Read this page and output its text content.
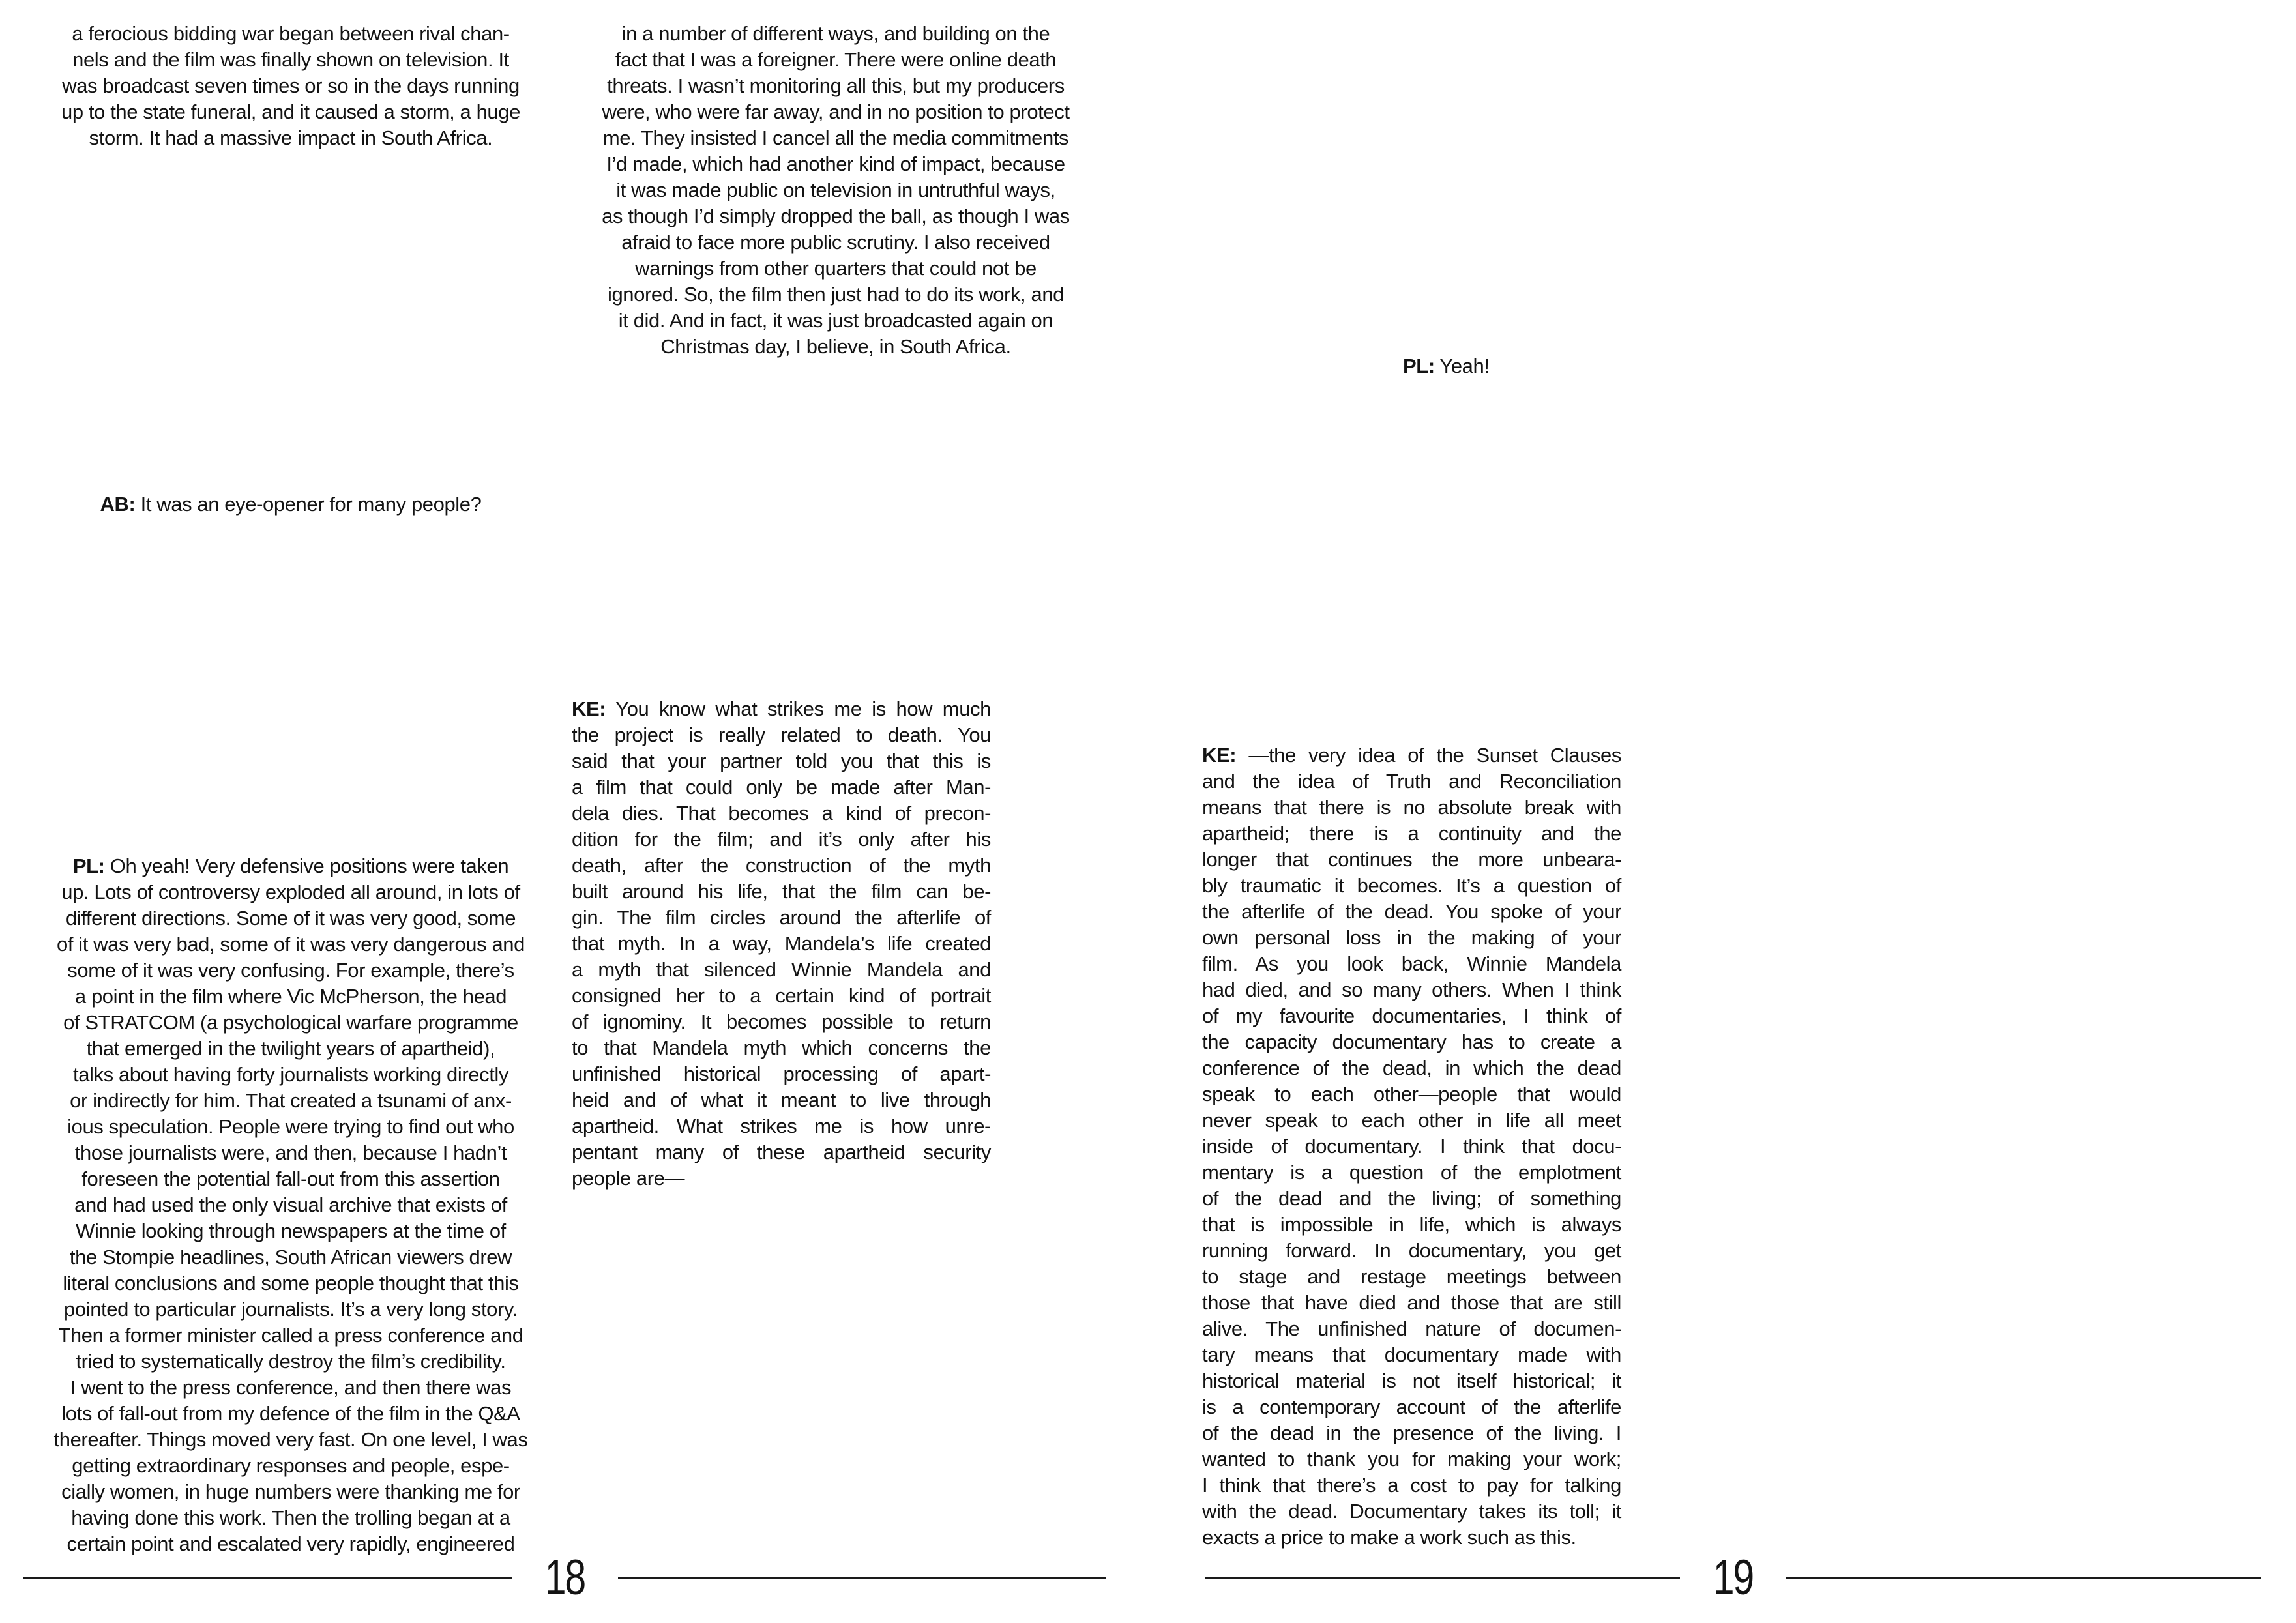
a ferocious bidding war began between rival chan-
nels and the film was finally shown on television. It
was broadcast seven times or so in the days running
up to the state funeral, and it caused a storm, a huge
storm. It had a massive impact in South Africa.
AB: It was an eye-opener for many people?
PL: Oh yeah! Very defensive positions were taken
up. Lots of controversy exploded all around, in lots of
different directions. Some of it was very good, some
of it was very bad, some of it was very dangerous and
some of it was very confusing. For example, there’s
a point in the film where Vic McPherson, the head
of STRATCOM (a psychological warfare programme
that emerged in the twilight years of apartheid),
talks about having forty journalists working directly
or indirectly for him. That created a tsunami of anx-
ious speculation. People were trying to find out who
those journalists were, and then, because I hadn’t
foreseen the potential fall-out from this assertion
and had used the only visual archive that exists of
Winnie looking through newspapers at the time of
the Stompie headlines, South African viewers drew
literal conclusions and some people thought that this
pointed to particular journalists. It’s a very long story.
Then a former minister called a press conference and
tried to systematically destroy the film’s credibility.
I went to the press conference, and then there was
lots of fall-out from my defence of the film in the Q&A
thereafter. Things moved very fast. On one level, I was
getting extraordinary responses and people, espe-
cially women, in huge numbers were thanking me for
having done this work. Then the trolling began at a
certain point and escalated very rapidly, engineered
in a number of different ways, and building on the
fact that I was a foreigner. There were online death
threats. I wasn’t monitoring all this, but my producers
were, who were far away, and in no position to protect
me. They insisted I cancel all the media commitments
I’d made, which had another kind of impact, because
it was made public on television in untruthful ways,
as though I’d simply dropped the ball, as though I was
afraid to face more public scrutiny. I also received
warnings from other quarters that could not be
ignored. So, the film then just had to do its work, and
it did. And in fact, it was just broadcasted again on
Christmas day, I believe, in South Africa.
KE: You know what strikes me is how much
the project is really related to death. You
said that your partner told you that this is
a film that could only be made after Man-
dela dies. That becomes a kind of precon-
dition for the film; and it’s only after his
death, after the construction of the myth
built around his life, that the film can be-
gin. The film circles around the afterlife of
that myth. In a way, Mandela’s life created
a myth that silenced Winnie Mandela and
consigned her to a certain kind of portrait
of ignominy. It becomes possible to return
to that Mandela myth which concerns the
unfinished historical processing of apart-
heid and of what it meant to live through
apartheid. What strikes me is how unre-
pentant many of these apartheid security
people are—
PL: Yeah!
KE: —the very idea of the Sunset Clauses
and the idea of Truth and Reconciliation
means that there is no absolute break with
apartheid; there is a continuity and the
longer that continues the more unbeara-
bly traumatic it becomes. It’s a question of
the afterlife of the dead. You spoke of your
own personal loss in the making of your
film. As you look back, Winnie Mandela
had died, and so many others. When I think
of my favourite documentaries, I think of
the capacity documentary has to create a
conference of the dead, in which the dead
speak to each other—people that would
never speak to each other in life all meet
inside of documentary. I think that docu-
mentary is a question of the emplotment
of the dead and the living; of something
that is impossible in life, which is always
running forward. In documentary, you get
to stage and restage meetings between
those that have died and those that are still
alive. The unfinished nature of documen-
tary means that documentary made with
historical material is not itself historical; it
is a contemporary account of the afterlife
of the dead in the presence of the living. I
wanted to thank you for making your work;
I think that there’s a cost to pay for talking
with the dead. Documentary takes its toll; it
exacts a price to make a work such as this.
18	19
